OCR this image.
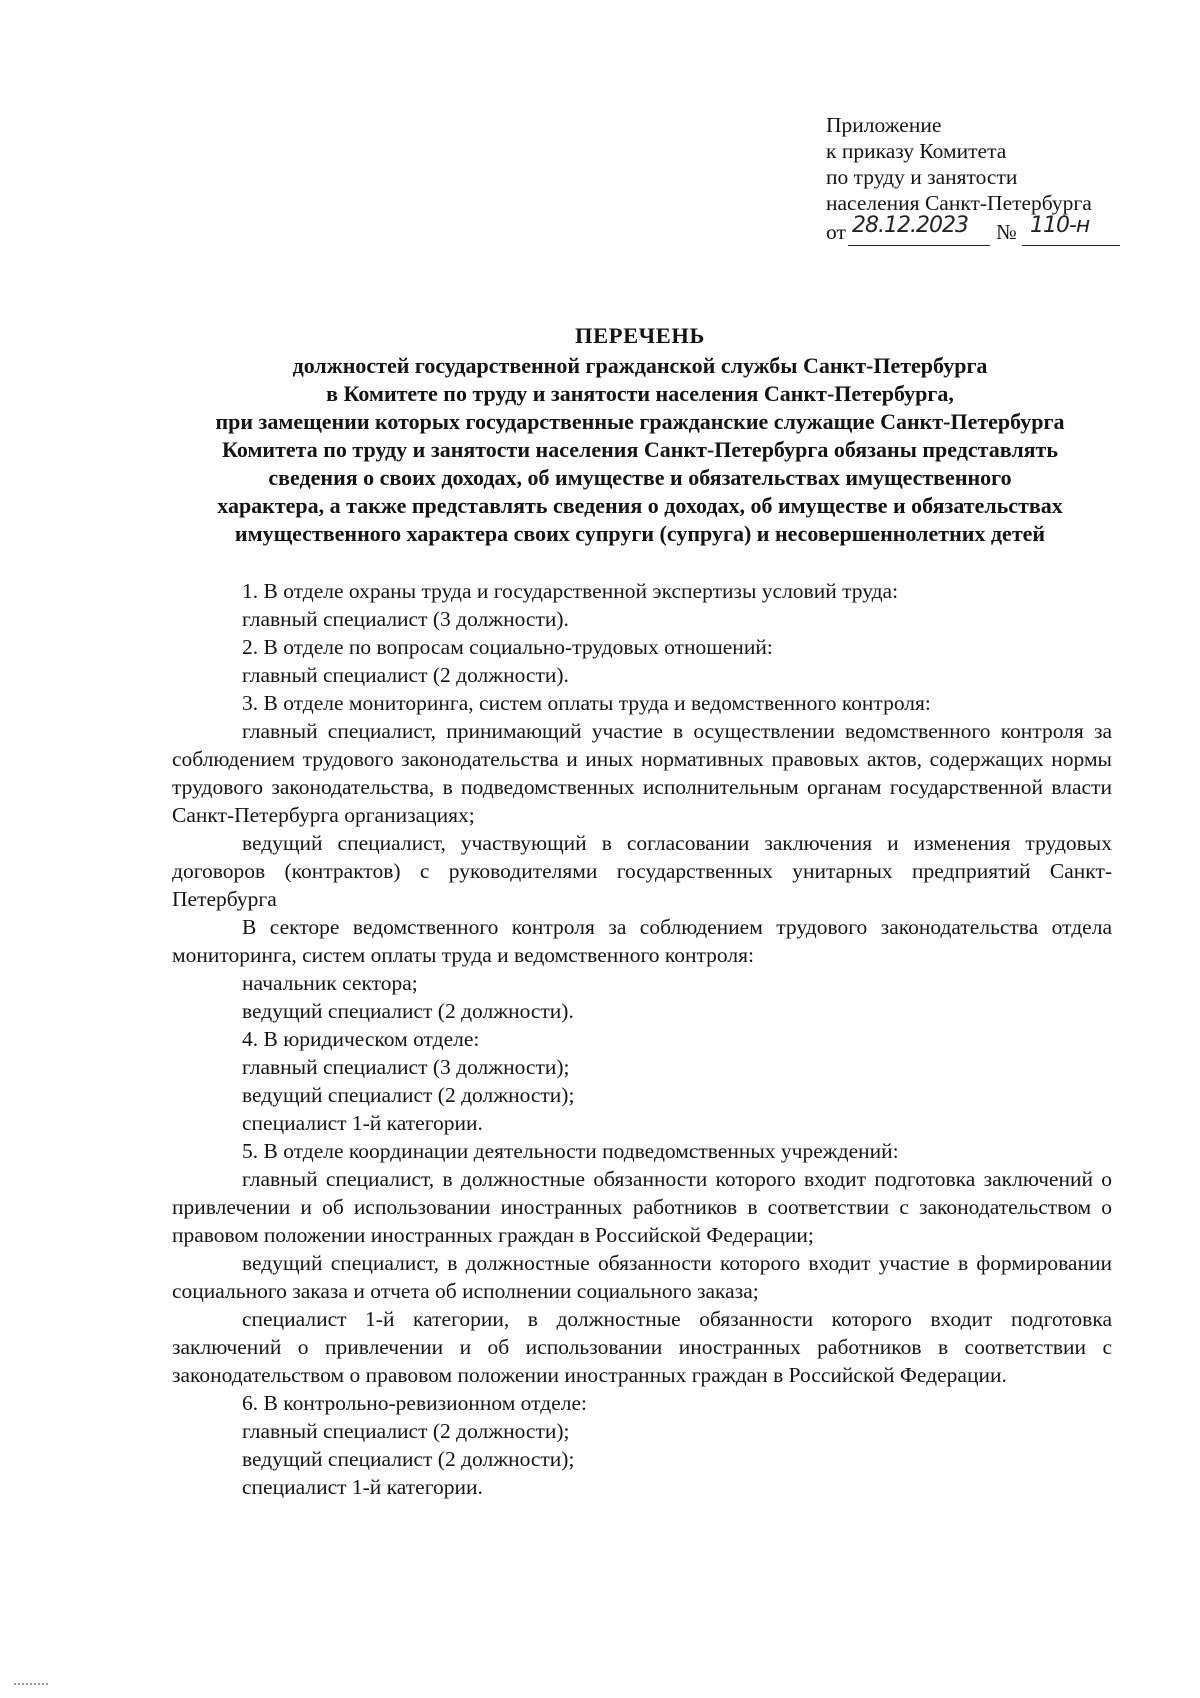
Приложение
к приказу Комитета
по труду и занятости
населения Санкт-Петербурга
от 28.12.2023 № 110-н
ПЕРЕЧЕНЬ
должностей государственной гражданской службы Санкт-Петербурга
в Комитете по труду и занятости населения Санкт-Петербурга,
при замещении которых государственные гражданские служащие Санкт-Петербурга
Комитета по труду и занятости населения Санкт-Петербурга обязаны представлять
сведения о своих доходах, об имуществе и обязательствах имущественного
характера, а также представлять сведения о доходах, об имуществе и обязательствах
имущественного характера своих супруги (супруга) и несовершеннолетних детей
1. В отделе охраны труда и государственной экспертизы условий труда:
главный специалист (3 должности).
2. В отделе по вопросам социально-трудовых отношений:
главный специалист (2 должности).
3. В отделе мониторинга, систем оплаты труда и ведомственного контроля:
главный специалист, принимающий участие в осуществлении ведомственного контроля за соблюдением трудового законодательства и иных нормативных правовых актов, содержащих нормы трудового законодательства, в подведомственных исполнительным органам государственной власти Санкт-Петербурга организациях;
ведущий специалист, участвующий в согласовании заключения и изменения трудовых договоров (контрактов) с руководителями государственных унитарных предприятий Санкт-Петербурга
В секторе ведомственного контроля за соблюдением трудового законодательства отдела мониторинга, систем оплаты труда и ведомственного контроля:
начальник сектора;
ведущий специалист (2 должности).
4. В юридическом отделе:
главный специалист (3 должности);
ведущий специалист (2 должности);
специалист 1-й категории.
5. В отделе координации деятельности подведомственных учреждений:
главный специалист, в должностные обязанности которого входит подготовка заключений о привлечении и об использовании иностранных работников в соответствии с законодательством о правовом положении иностранных граждан в Российской Федерации;
ведущий специалист, в должностные обязанности которого входит участие в формировании социального заказа и отчета об исполнении социального заказа;
специалист 1-й категории, в должностные обязанности которого входит подготовка заключений о привлечении и об использовании иностранных работников в соответствии с законодательством о правовом положении иностранных граждан в Российской Федерации.
6. В контрольно-ревизионном отделе:
главный специалист (2 должности);
ведущий специалист (2 должности);
специалист 1-й категории.
